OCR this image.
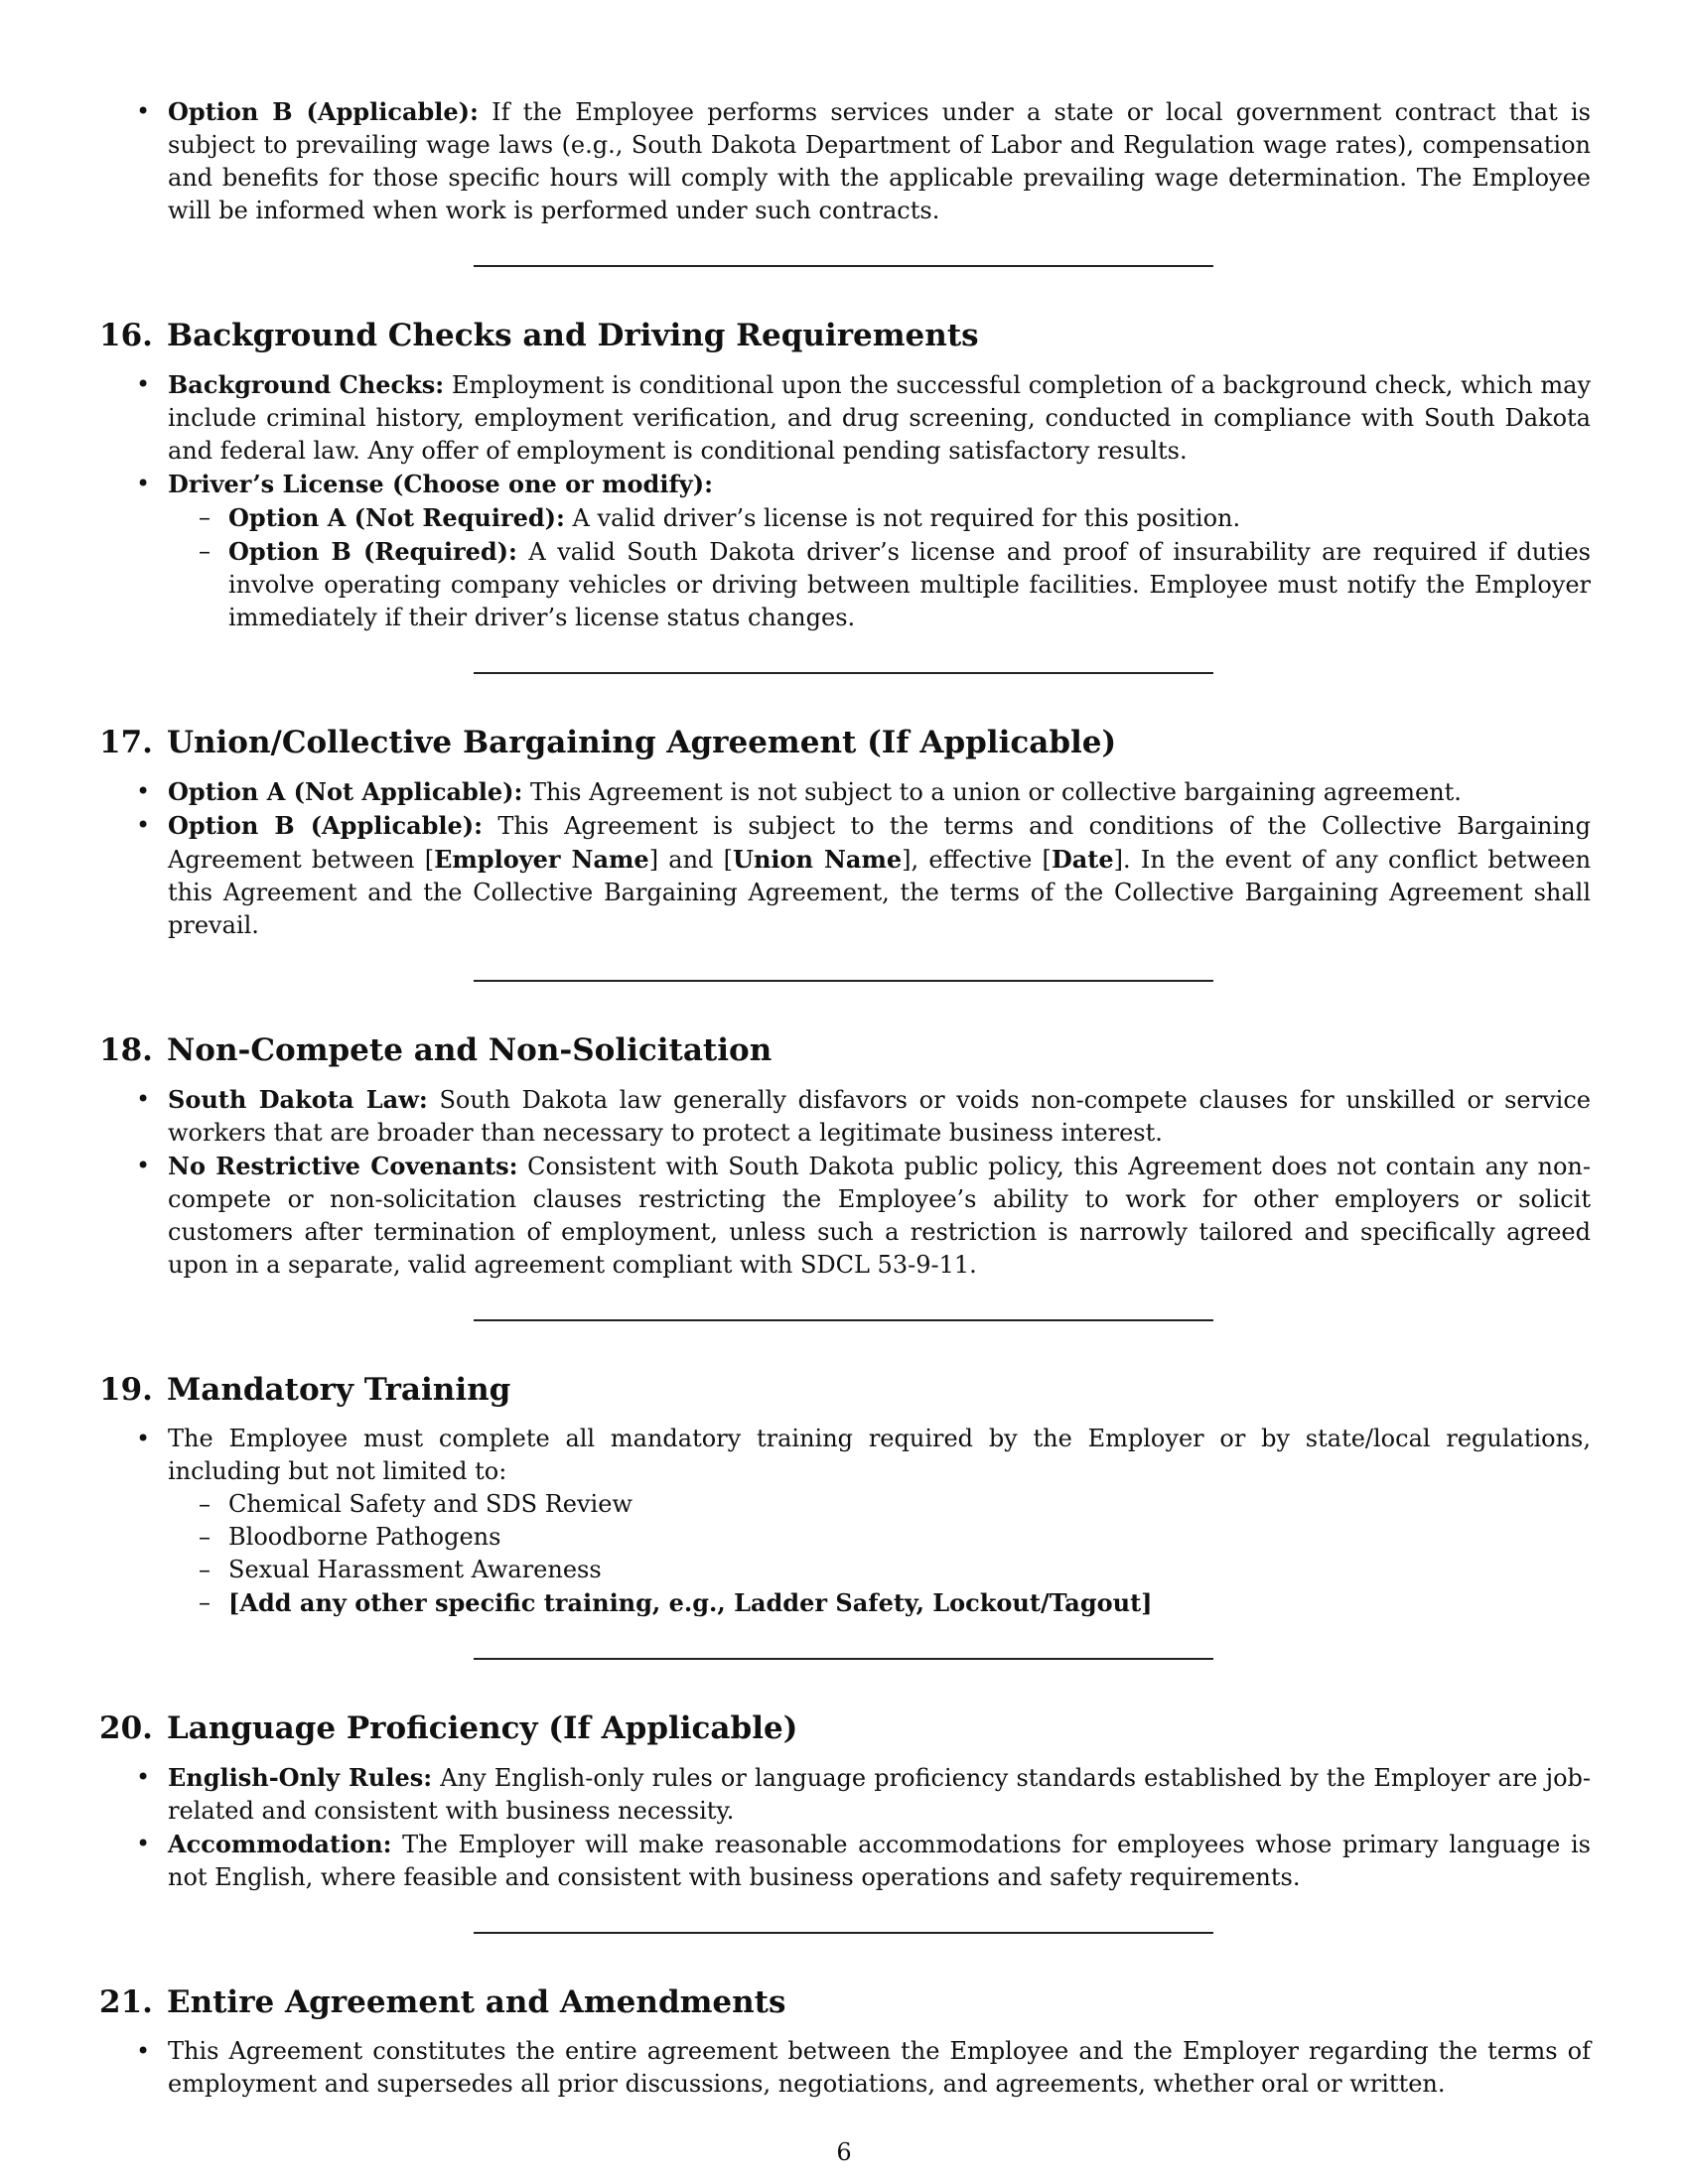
• Option B (Applicable): If the Employee performs services under a state or local government contract that is subject to prevailing wage laws (e.g., South Dakota Department of Labor and Regulation wage rates), compensation and benefits for those specific hours will comply with the applicable prevailing wage determination. The Employee will be informed when work is performed under such contracts.
16. Background Checks and Driving Requirements
• Background Checks: Employment is conditional upon the successful completion of a background check, which may include criminal history, employment verification, and drug screening, conducted in compliance with South Dakota and federal law. Any offer of employment is conditional pending satisfactory results.
• Driver’s License (Choose one or modify):
– Option A (Not Required): A valid driver’s license is not required for this position.
– Option B (Required): A valid South Dakota driver’s license and proof of insurability are required if duties involve operating company vehicles or driving between multiple facilities. Employee must notify the Employer immediately if their driver’s license status changes.
17. Union/Collective Bargaining Agreement (If Applicable)
• Option A (Not Applicable): This Agreement is not subject to a union or collective bargaining agreement.
• Option B (Applicable): This Agreement is subject to the terms and conditions of the Collective Bargaining Agreement between [Employer Name] and [Union Name], effective [Date]. In the event of any conflict between this Agreement and the Collective Bargaining Agreement, the terms of the Collective Bargaining Agreement shall prevail.
18. Non-Compete and Non-Solicitation
• South Dakota Law: South Dakota law generally disfavors or voids non-compete clauses for unskilled or service workers that are broader than necessary to protect a legitimate business interest.
• No Restrictive Covenants: Consistent with South Dakota public policy, this Agreement does not contain any non-compete or non-solicitation clauses restricting the Employee’s ability to work for other employers or solicit customers after termination of employment, unless such a restriction is narrowly tailored and specifically agreed upon in a separate, valid agreement compliant with SDCL 53-9-11.
19. Mandatory Training
• The Employee must complete all mandatory training required by the Employer or by state/local regulations, including but not limited to:
– Chemical Safety and SDS Review
– Bloodborne Pathogens
– Sexual Harassment Awareness
– [Add any other specific training, e.g., Ladder Safety, Lockout/Tagout]
20. Language Proficiency (If Applicable)
• English-Only Rules: Any English-only rules or language proficiency standards established by the Employer are job-related and consistent with business necessity.
• Accommodation: The Employer will make reasonable accommodations for employees whose primary language is not English, where feasible and consistent with business operations and safety requirements.
21. Entire Agreement and Amendments
• This Agreement constitutes the entire agreement between the Employee and the Employer regarding the terms of employment and supersedes all prior discussions, negotiations, and agreements, whether oral or written.
6
